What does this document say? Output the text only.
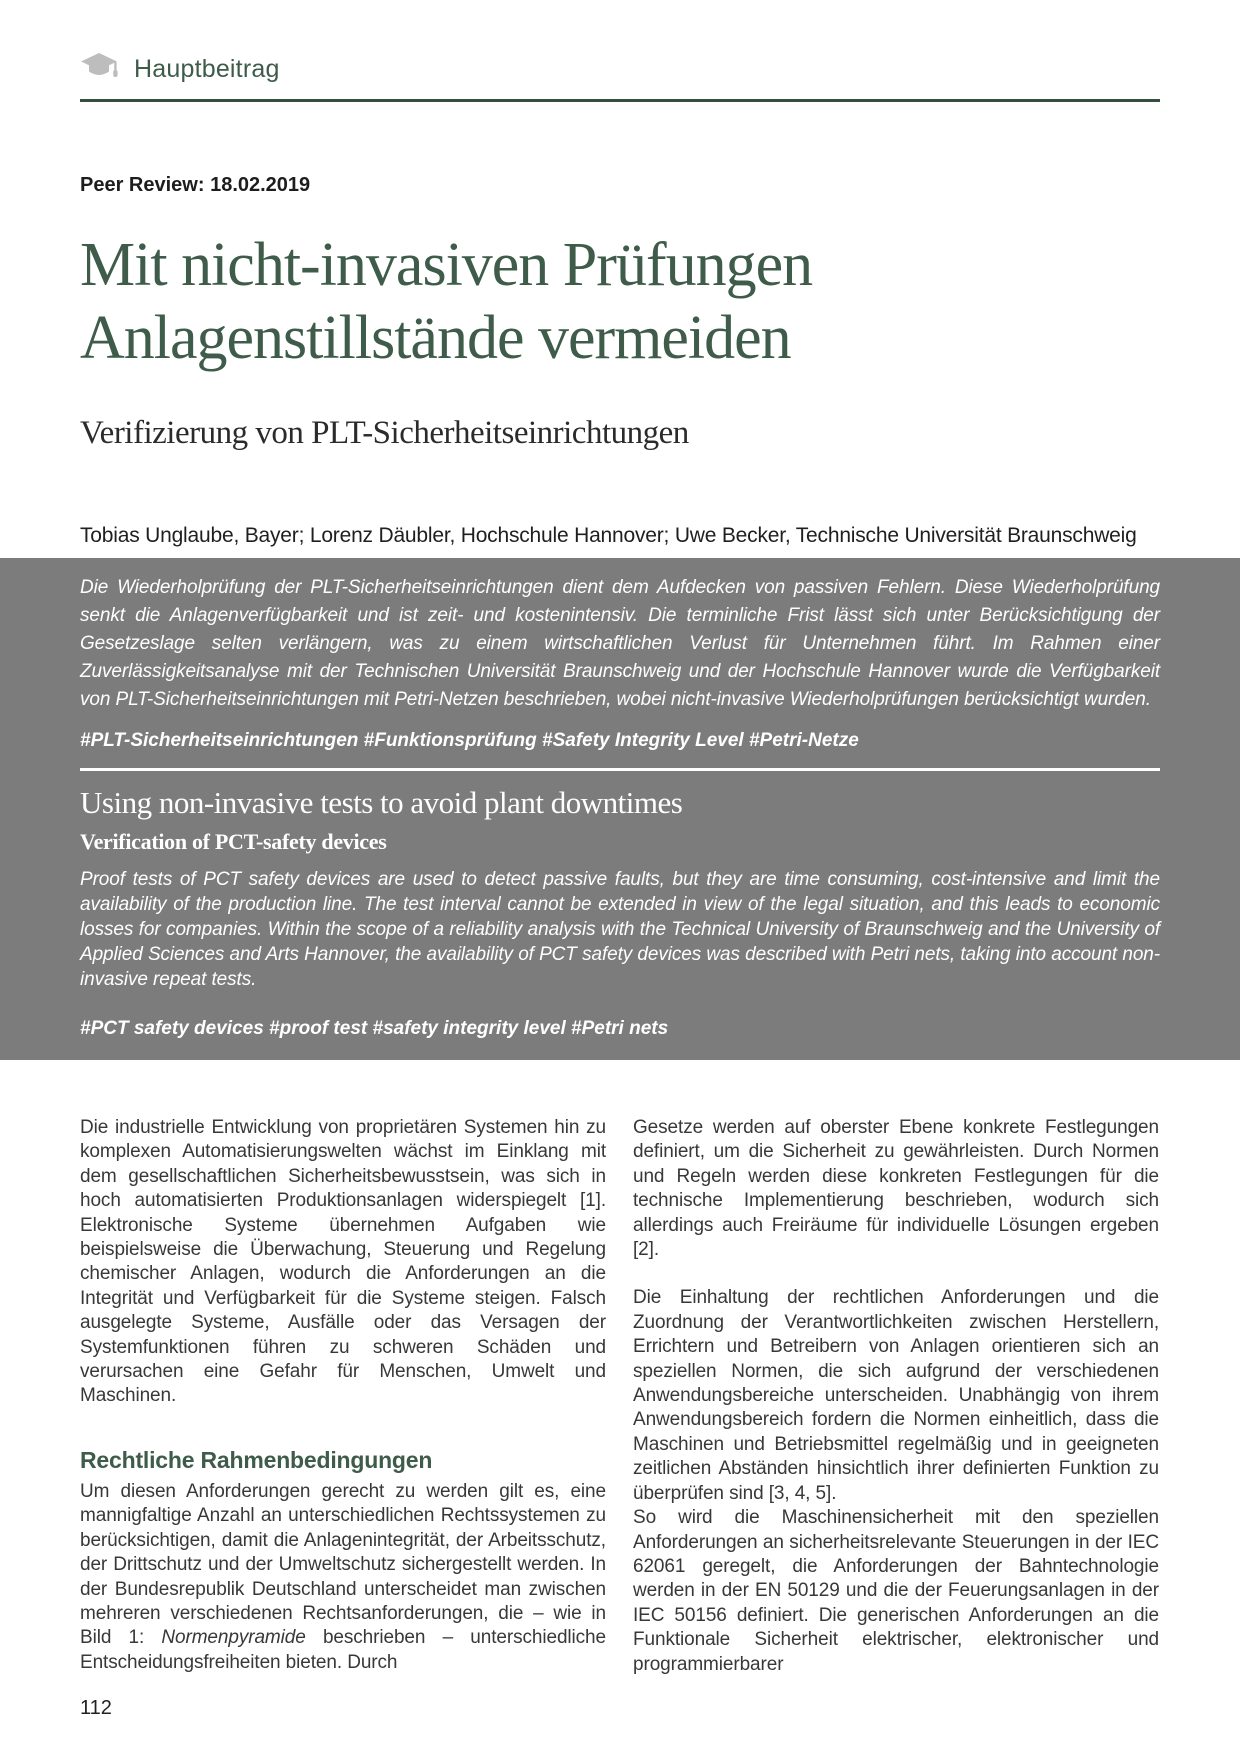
Hauptbeitrag
Peer Review: 18.02.2019
Mit nicht-invasiven Prüfungen
Anlagenstillstände vermeiden
Verifizierung von PLT-Sicherheitseinrichtungen
Tobias Unglaube, Bayer; Lorenz Däubler, Hochschule Hannover; Uwe Becker, Technische Universität Braunschweig

Die Wiederholprüfung der PLT-Sicherheitseinrichtungen dient dem Aufdecken von passiven Fehlern. Diese Wiederholprüfung senkt die Anlagenverfügbarkeit und ist zeit- und kostenintensiv. Die terminliche Frist lässt sich unter Berücksichtigung der Gesetzeslage selten verlängern, was zu einem wirtschaftlichen Verlust für Unternehmen führt. Im Rahmen einer Zuverlässigkeitsanalyse mit der Technischen Universität Braunschweig und der Hochschule Hannover wurde die Verfügbarkeit von PLT-Sicherheitseinrichtungen mit Petri-Netzen beschrieben, wobei nicht-invasive Wiederholprüfungen berücksichtigt wurden.

#PLT-Sicherheitseinrichtungen #Funktionsprüfung #Safety Integrity Level #Petri-Netze

Using non-invasive tests to avoid plant downtimes
Verification of PCT-safety devices

Proof tests of PCT safety devices are used to detect passive faults, but they are time consuming, cost-intensive and limit the availability of the production line. The test interval cannot be extended in view of the legal situation, and this leads to economic losses for companies. Within the scope of a reliability analysis with the Technical University of Braunschweig and the University of Applied Sciences and Arts Hannover, the availability of PCT safety devices was described with Petri nets, taking into account non-invasive repeat tests.

#PCT safety devices #proof test #safety integrity level #Petri nets

Die industrielle Entwicklung von proprietären Systemen hin zu komplexen Automatisierungswelten wächst im Einklang mit dem gesellschaftlichen Sicherheitsbewusstsein, was sich in hoch automatisierten Produktionsanlagen widerspiegelt [1]. Elektronische Systeme übernehmen Aufgaben wie beispielsweise die Überwachung, Steuerung und Regelung chemischer Anlagen, wodurch die Anforderungen an die Integrität und Verfügbarkeit für die Systeme steigen. Falsch ausgelegte Systeme, Ausfälle oder das Versagen der Systemfunktionen führen zu schweren Schäden und verursachen eine Gefahr für Menschen, Umwelt und Maschinen.

Rechtliche Rahmenbedingungen

Um diesen Anforderungen gerecht zu werden gilt es, eine mannigfaltige Anzahl an unterschiedlichen Rechtssystemen zu berücksichtigen, damit die Anlagenintegrität, der Arbeitsschutz, der Drittschutz und der Umweltschutz sichergestellt werden. In der Bundesrepublik Deutschland unterscheidet man zwischen mehreren verschiedenen Rechtsanforderungen, die – wie in Bild 1: Normenpyramide beschrieben – unterschiedliche Entscheidungsfreiheiten bieten. Durch

Gesetze werden auf oberster Ebene konkrete Festlegungen definiert, um die Sicherheit zu gewährleisten. Durch Normen und Regeln werden diese konkreten Festlegungen für die technische Implementierung beschrieben, wodurch sich allerdings auch Freiräume für individuelle Lösungen ergeben [2].

Die Einhaltung der rechtlichen Anforderungen und die Zuordnung der Verantwortlichkeiten zwischen Herstellern, Errichtern und Betreibern von Anlagen orientieren sich an speziellen Normen, die sich aufgrund der verschiedenen Anwendungsbereiche unterscheiden. Unabhängig von ihrem Anwendungsbereich fordern die Normen einheitlich, dass die Maschinen und Betriebsmittel regelmäßig und in geeigneten zeitlichen Abständen hinsichtlich ihrer definierten Funktion zu überprüfen sind [3, 4, 5].

So wird die Maschinensicherheit mit den speziellen Anforderungen an sicherheitsrelevante Steuerungen in der IEC 62061 geregelt, die Anforderungen der Bahntechnologie werden in der EN 50129 und die der Feuerungsanlagen in der IEC 50156 definiert. Die generischen Anforderungen an die Funktionale Sicherheit elektrischer, elektronischer und programmierbarer

112
